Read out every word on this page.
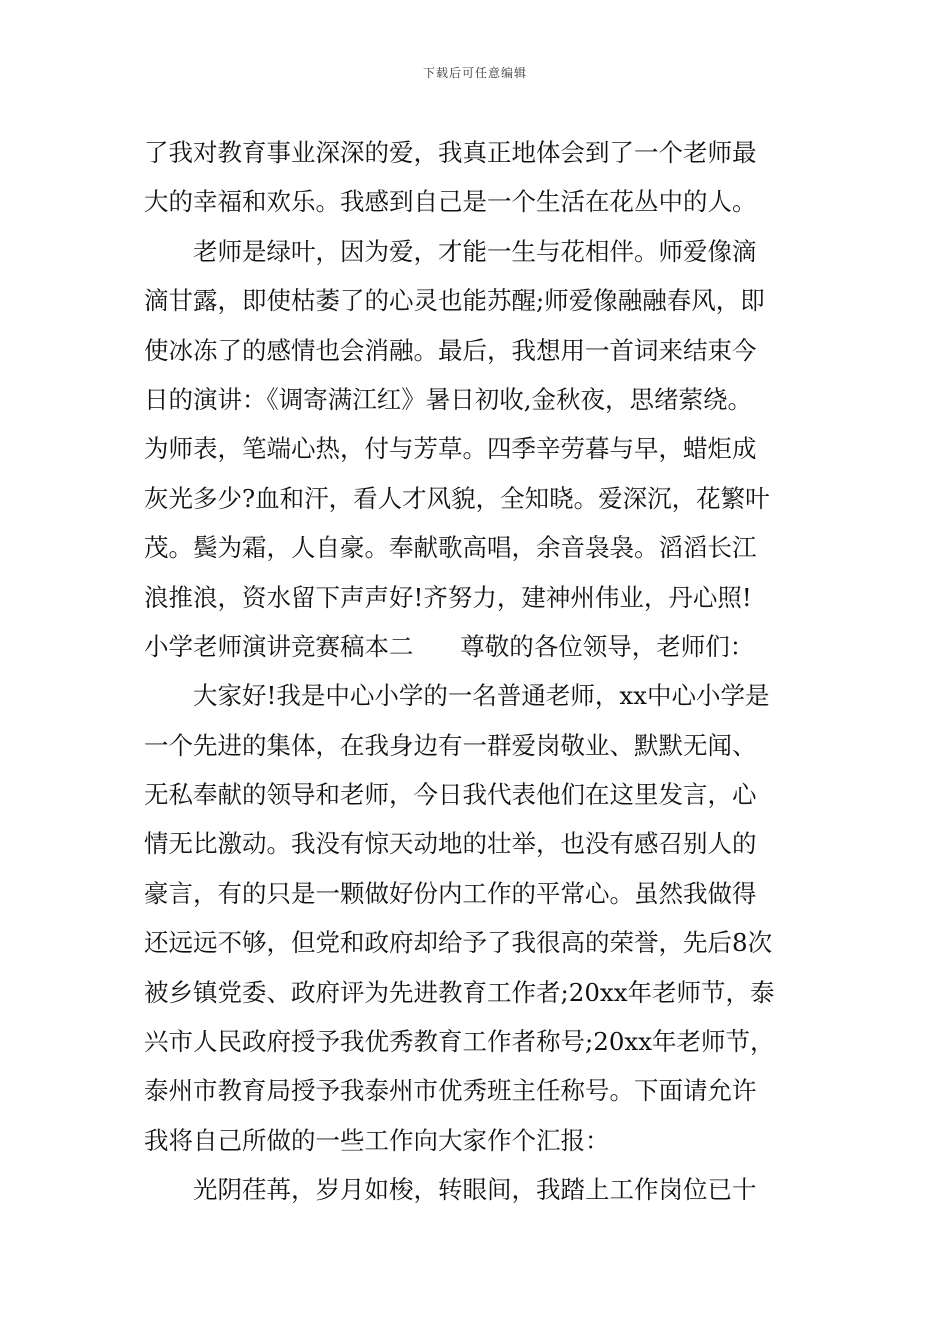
下载后可任意编辑
了我对教育事业深深的爱，我真正地体会到了一个老师最
大的幸福和欢乐。我感到自己是一个生活在花丛中的人。
老师是绿叶，因为爱，才能一生与花相伴。师爱像滴
滴甘露，即使枯萎了的心灵也能苏醒;师爱像融融春风，即
使冰冻了的感情也会消融。最后，我想用一首词来结束今
日的演讲：《调寄满江红》暑日初收,金秋夜，思绪萦绕。
为师表，笔端心热，付与芳草。四季辛劳暮与早，蜡炬成
灰光多少?血和汗，看人才风貌，全知晓。爱深沉，花繁叶
茂。鬓为霜，人自豪。奉献歌高唱，余音袅袅。滔滔长江
浪推浪，资水留下声声好!齐努力，建神州伟业，丹心照!
小学老师演讲竞赛稿本二      尊敬的各位领导，老师们：
大家好!我是中心小学的一名普通老师，xx中心小学是
一个先进的集体，在我身边有一群爱岗敬业、默默无闻、
无私奉献的领导和老师，今日我代表他们在这里发言，心
情无比激动。我没有惊天动地的壮举，也没有感召别人的
豪言，有的只是一颗做好份内工作的平常心。虽然我做得
还远远不够，但党和政府却给予了我很高的荣誉，先后8次
被乡镇党委、政府评为先进教育工作者;20xx年老师节，泰
兴市人民政府授予我优秀教育工作者称号;20xx年老师节，
泰州市教育局授予我泰州市优秀班主任称号。下面请允许
我将自己所做的一些工作向大家作个汇报：
光阴荏苒，岁月如梭，转眼间，我踏上工作岗位已十
